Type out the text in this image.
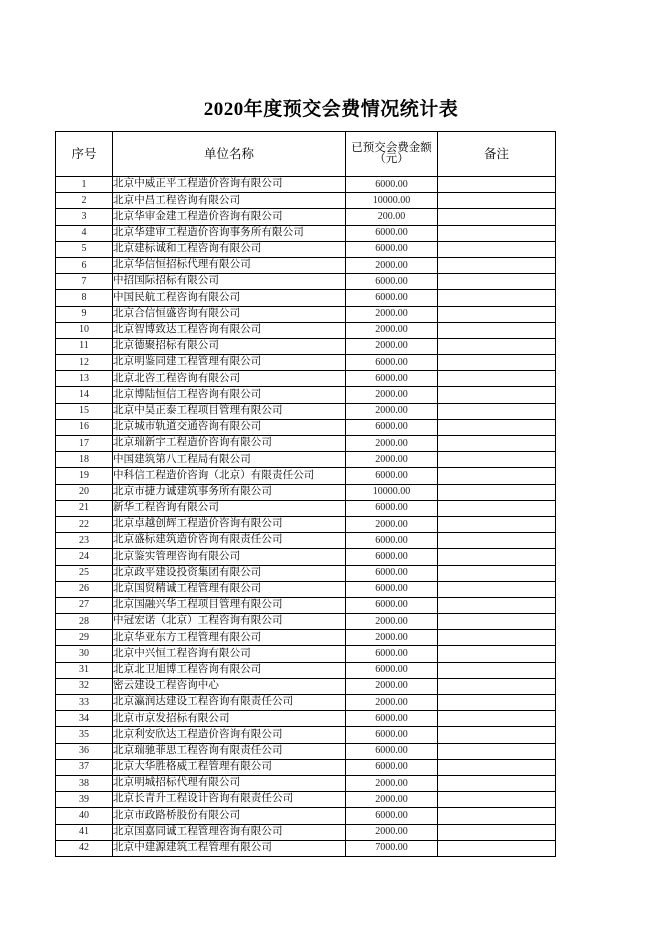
2020年度预交会费情况统计表
序号	单位名称	已预交会费金额（元）	备注
1	北京中威正平工程造价咨询有限公司	6000.00	
2	北京中昌工程咨询有限公司	10000.00	
3	北京华审金建工程造价咨询有限公司	200.00	
4	北京华建审工程造价咨询事务所有限公司	6000.00	
5	北京建标诚和工程咨询有限公司	6000.00	
6	北京华信恒招标代理有限公司	2000.00	
7	中招国际招标有限公司	6000.00	
8	中国民航工程咨询有限公司	6000.00	
9	北京合信恒盛咨询有限公司	2000.00	
10	北京智博致达工程咨询有限公司	2000.00	
11	北京德聚招标有限公司	2000.00	
12	北京明鉴同建工程管理有限公司	6000.00	
13	北京北咨工程咨询有限公司	6000.00	
14	北京博陆恒信工程咨询有限公司	2000.00	
15	北京中昊正泰工程项目管理有限公司	2000.00	
16	北京城市轨道交通咨询有限公司	6000.00	
17	北京瑞新宇工程造价咨询有限公司	2000.00	
18	中国建筑第八工程局有限公司	2000.00	
19	中科信工程造价咨询（北京）有限责任公司	6000.00	
20	北京市捷力诚建筑事务所有限公司	10000.00	
21	新华工程咨询有限公司	6000.00	
22	北京卓越创辉工程造价咨询有限公司	2000.00	
23	北京盛标建筑造价咨询有限责任公司	6000.00	
24	北京鉴实管理咨询有限公司	6000.00	
25	北京政平建设投资集团有限公司	6000.00	
26	北京国贸精诚工程管理有限公司	6000.00	
27	北京国融兴华工程项目管理有限公司	6000.00	
28	中冠宏诺（北京）工程咨询有限公司	2000.00	
29	北京华亚东方工程管理有限公司	2000.00	
30	北京中兴恒工程咨询有限公司	6000.00	
31	北京北卫旭博工程咨询有限公司	6000.00	
32	密云建设工程咨询中心	2000.00	
33	北京瀛润达建设工程咨询有限责任公司	2000.00	
34	北京市京发招标有限公司	6000.00	
35	北京利安欣达工程造价咨询有限公司	6000.00	
36	北京瑞驰菲思工程咨询有限责任公司	6000.00	
37	北京大华胜格威工程管理有限公司	6000.00	
38	北京明城招标代理有限公司	2000.00	
39	北京长青升工程设计咨询有限责任公司	2000.00	
40	北京市政路桥股份有限公司	6000.00	
41	北京国嘉同诚工程管理咨询有限公司	2000.00	
42	北京中建源建筑工程管理有限公司	7000.00	
